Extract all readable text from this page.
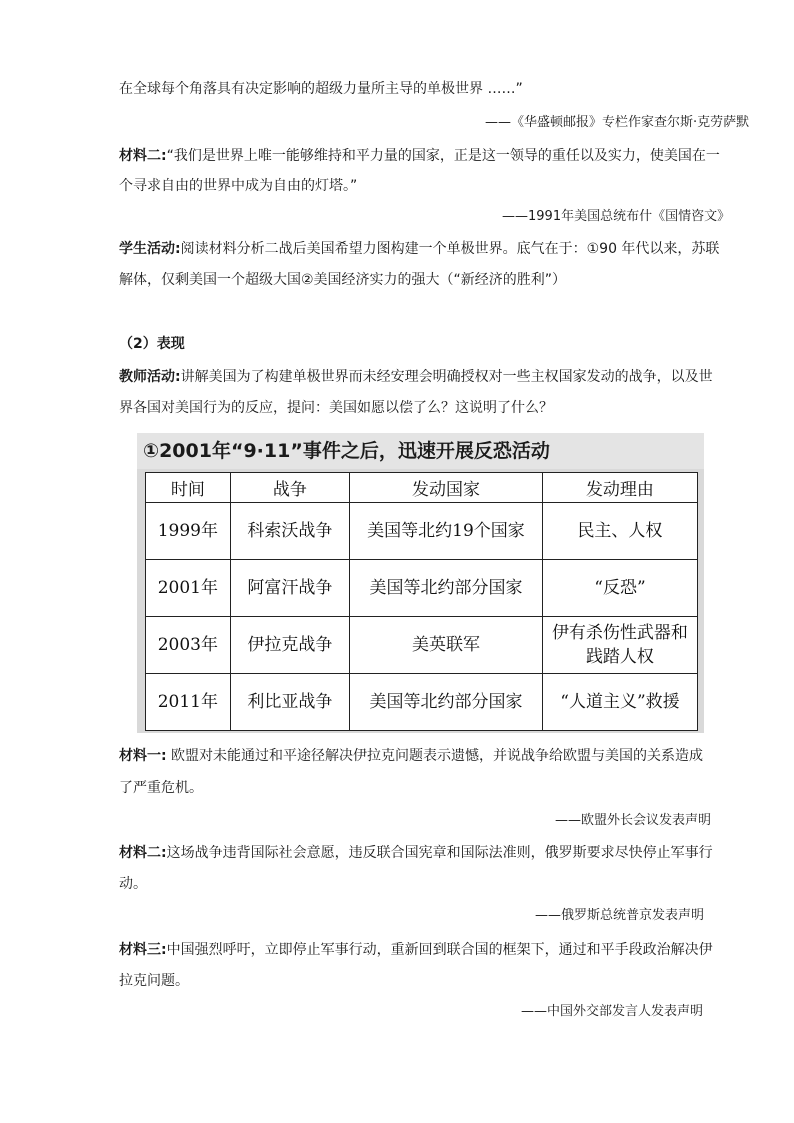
在全球每个角落具有决定影响的超级力量所主导的单极世界 ……”
——《华盛顿邮报》专栏作家查尔斯·克劳萨默
材料二:“我们是世界上唯一能够维持和平力量的国家，正是这一领导的重任以及实力，使美国在一
个寻求自由的世界中成为自由的灯塔。”
——1991年美国总统布什《国情咨文》
学生活动:阅读材料分析二战后美国希望力图构建一个单极世界。底气在于：①90 年代以来，苏联
解体，仅剩美国一个超级大国②美国经济实力的强大（“新经济的胜利”）
（2）表现
教师活动:讲解美国为了构建单极世界而未经安理会明确授权对一些主权国家发动的战争，以及世
界各国对美国行为的反应，提问：美国如愿以偿了么？这说明了什么？
①2001年“9·11”事件之后，迅速开展反恐活动
时间	战争	发动国家	发动理由
1999年	科索沃战争	美国等北约19个国家	民主、人权
2001年	阿富汗战争	美国等北约部分国家	“反恐”
2003年	伊拉克战争	美英联军	伊有杀伤性武器和践踏人权
2011年	利比亚战争	美国等北约部分国家	“人道主义”救援
材料一: 欧盟对未能通过和平途径解决伊拉克问题表示遗憾，并说战争给欧盟与美国的关系造成
了严重危机。
——欧盟外长会议发表声明
材料二:这场战争违背国际社会意愿，违反联合国宪章和国际法准则，俄罗斯要求尽快停止军事行
动。
——俄罗斯总统普京发表声明
材料三:中国强烈呼吁，立即停止军事行动，重新回到联合国的框架下，通过和平手段政治解决伊
拉克问题。
——中国外交部发言人发表声明
